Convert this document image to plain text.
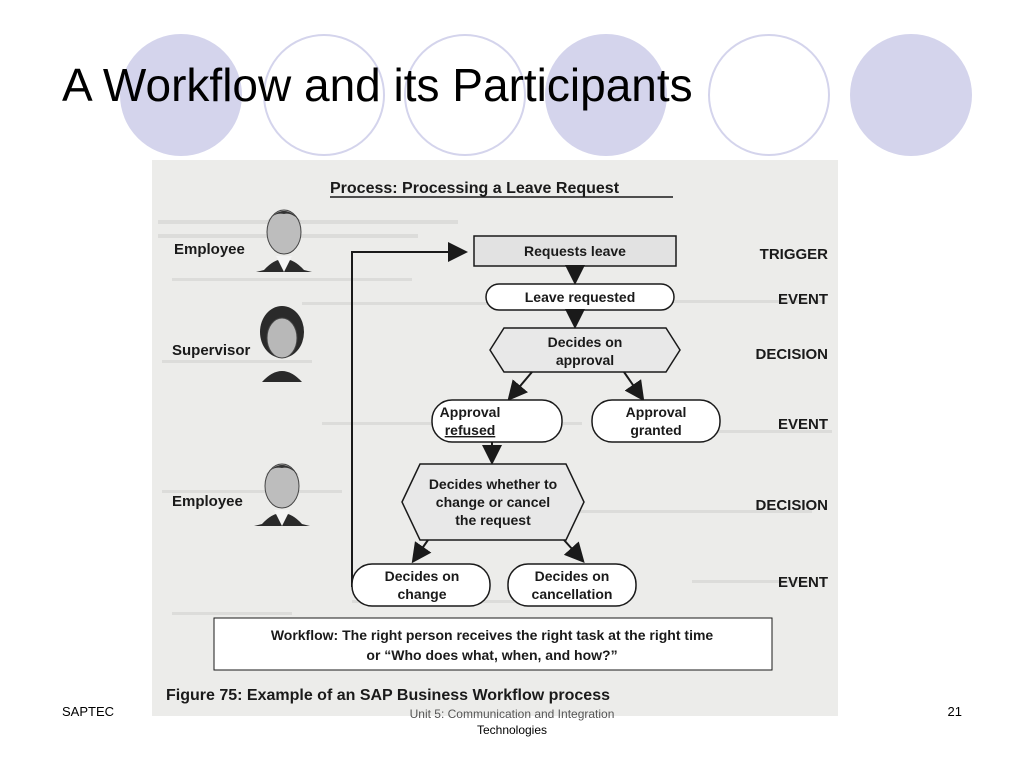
A Workflow and its Participants
Process: Processing a Leave Request
Employee
Supervisor
Employee
Requests leave
Leave requested
Decides on
approval
Approval
refused
Approval
granted
Decides whether to
change or cancel
the request
Decides on
change
Decides on
cancellation
TRIGGER
EVENT
DECISION
EVENT
DECISION
EVENT
Workflow: The right person receives the right task at the right time
or “Who does what, when, and how?”
Figure 75: Example of an SAP Business Workflow process
SAPTEC	Unit 5: Communication and Integration
Technologies
21
